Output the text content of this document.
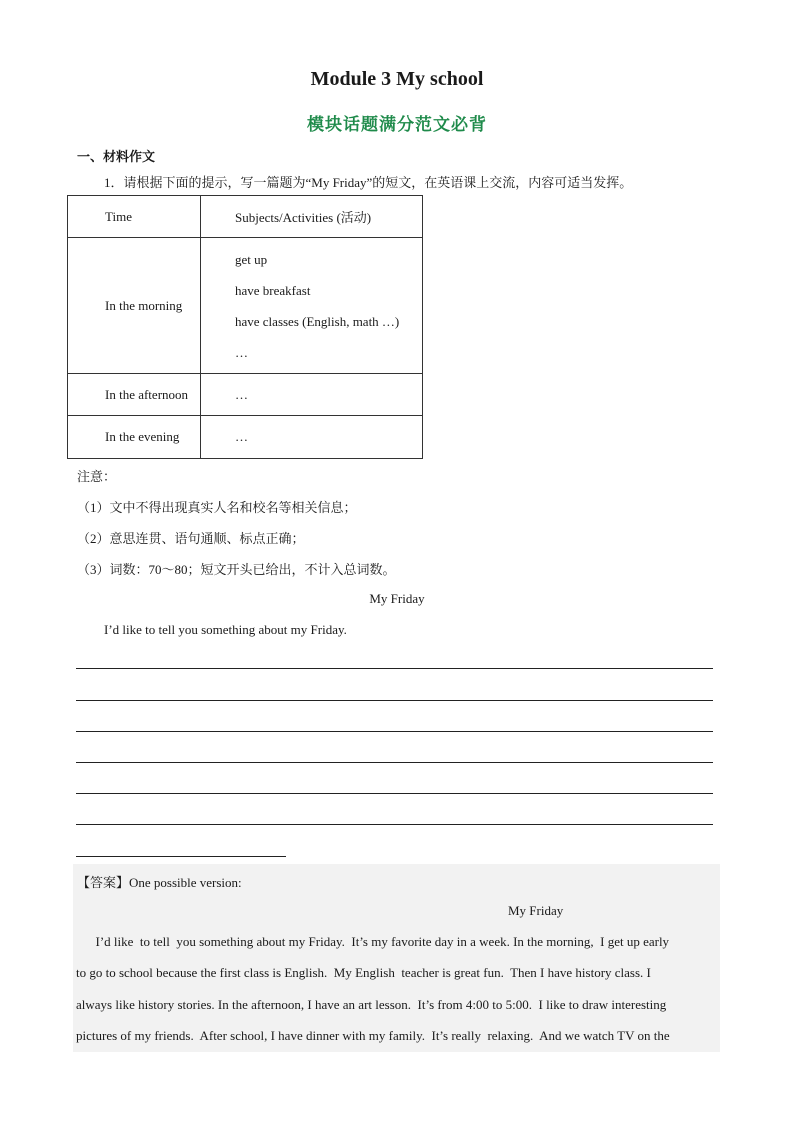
Module 3 My school
模块话题满分范文必背
一、材料作文
1．请根据下面的提示，写一篇题为“My Friday”的短文，在英语课上交流，内容可适当发挥。
Time	Subjects/Activities (活动)
In the morning	get up
have breakfast
have classes (English, math …)
…

In the afternoon	…
In the evening	…
注意：
（1）文中不得出现真实人名和校名等相关信息；
（2）意思连贯、语句通顺、标点正确；
（3）词数：70～80；短文开头已给出，不计入总词数。
My Friday
I’d like to tell you something about my Friday.
【答案】One possible version:
My Friday
I’d like  to tell  you something about my Friday.  It’s my favorite day in a week. In the morning,  I get up early
to go to school because the first class is English.  My English  teacher is great fun.  Then I have history class. I
always like history stories. In the afternoon, I have an art lesson.  It’s from 4:00 to 5:00.  I like to draw interesting
pictures of my friends.  After school, I have dinner with my family.  It’s really  relaxing.  And we watch TV on the
